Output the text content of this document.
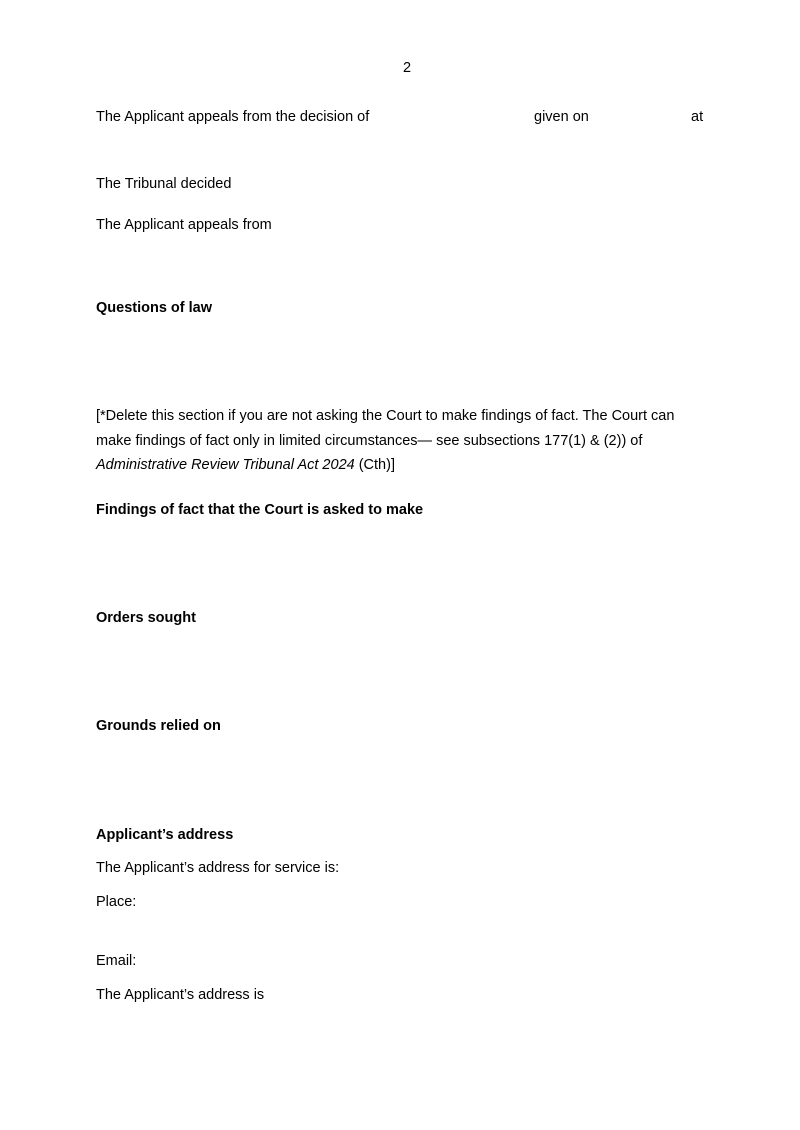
2
The Applicant appeals from the decision of	given on	at
The Tribunal decided
The Applicant appeals from
Questions of law
[*Delete this section if you are not asking the Court to make findings of fact. The Court can make findings of fact only in limited circumstances— see subsections 177(1) & (2)) of Administrative Review Tribunal Act 2024 (Cth)]
Findings of fact that the Court is asked to make
Orders sought
Grounds relied on
Applicant’s address
The Applicant’s address for service is:
Place:
Email:
The Applicant’s address is
